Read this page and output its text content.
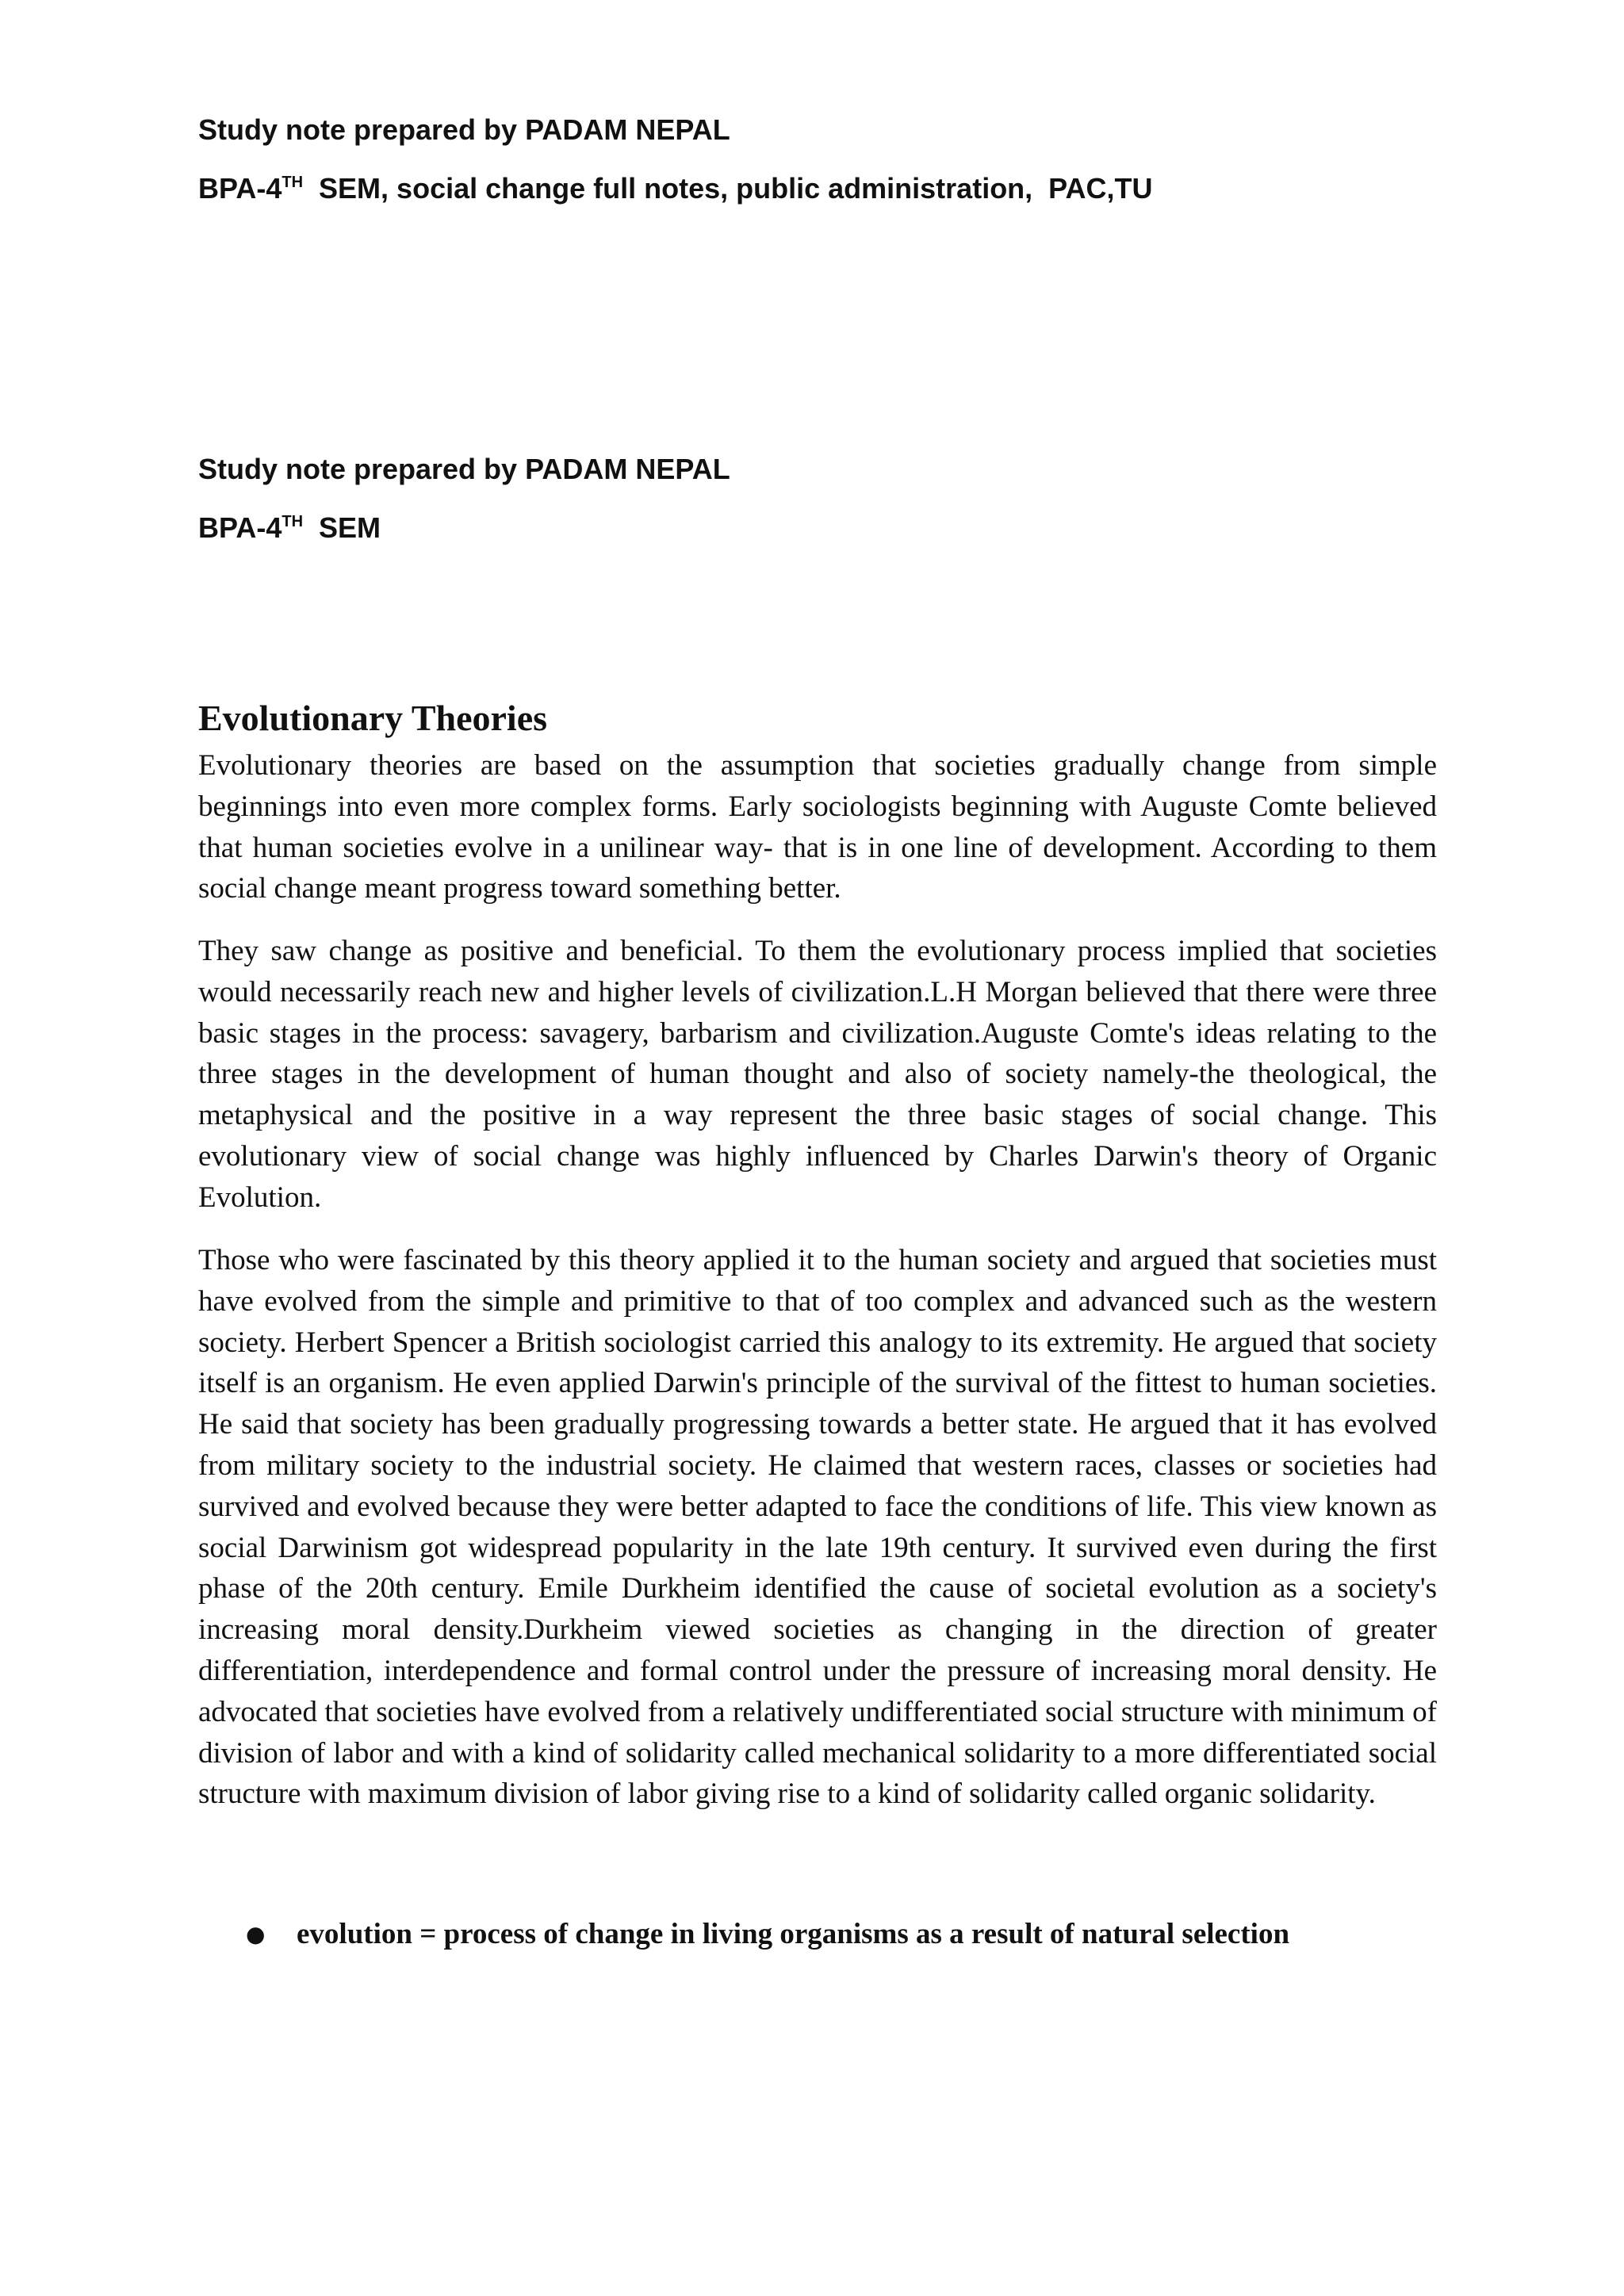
Study note prepared by PADAM NEPAL

BPA-4TH  SEM, social change full notes, public administration,  PAC,TU

Study note prepared by PADAM NEPAL

BPA-4TH  SEM

Evolutionary Theories

Evolutionary theories are based on the assumption that societies gradually change from simple beginnings into even more complex forms. Early sociologists beginning with Auguste Comte believed that human societies evolve in a unilinear way- that is in one line of development. According to them social change meant progress toward something better.

They saw change as positive and beneficial. To them the evolutionary process implied that societies would necessarily reach new and higher levels of civilization.L.H Morgan believed that there were three basic stages in the process: savagery, barbarism and civilization.Auguste Comte's ideas relating to the three stages in the development of human thought and also of society namely-the theological, the metaphysical and the positive in a way represent the three basic stages of social change. This evolutionary view of social change was highly influenced by Charles Darwin's theory of Organic Evolution.

Those who were fascinated by this theory applied it to the human society and argued that societies must have evolved from the simple and primitive to that of too complex and advanced such as the western society. Herbert Spencer a British sociologist carried this analogy to its extremity. He argued that society itself is an organism. He even applied Darwin's principle of the survival of the fittest to human societies. He said that society has been gradually progressing towards a better state. He argued that it has evolved from military society to the industrial society. He claimed that western races, classes or societies had survived and evolved because they were better adapted to face the conditions of life. This view known as social Darwinism got widespread popularity in the late 19th century. It survived even during the first phase of the 20th century. Emile Durkheim identified the cause of societal evolution as a society's increasing moral density.Durkheim viewed societies as changing in the direction of greater differentiation, interdependence and formal control under the pressure of increasing moral density. He advocated that societies have evolved from a relatively undifferentiated social structure with minimum of division of labor and with a kind of solidarity called mechanical solidarity to a more differentiated social structure with maximum division of labor giving rise to a kind of solidarity called organic solidarity.

● evolution = process of change in living organisms as a result of natural selection
